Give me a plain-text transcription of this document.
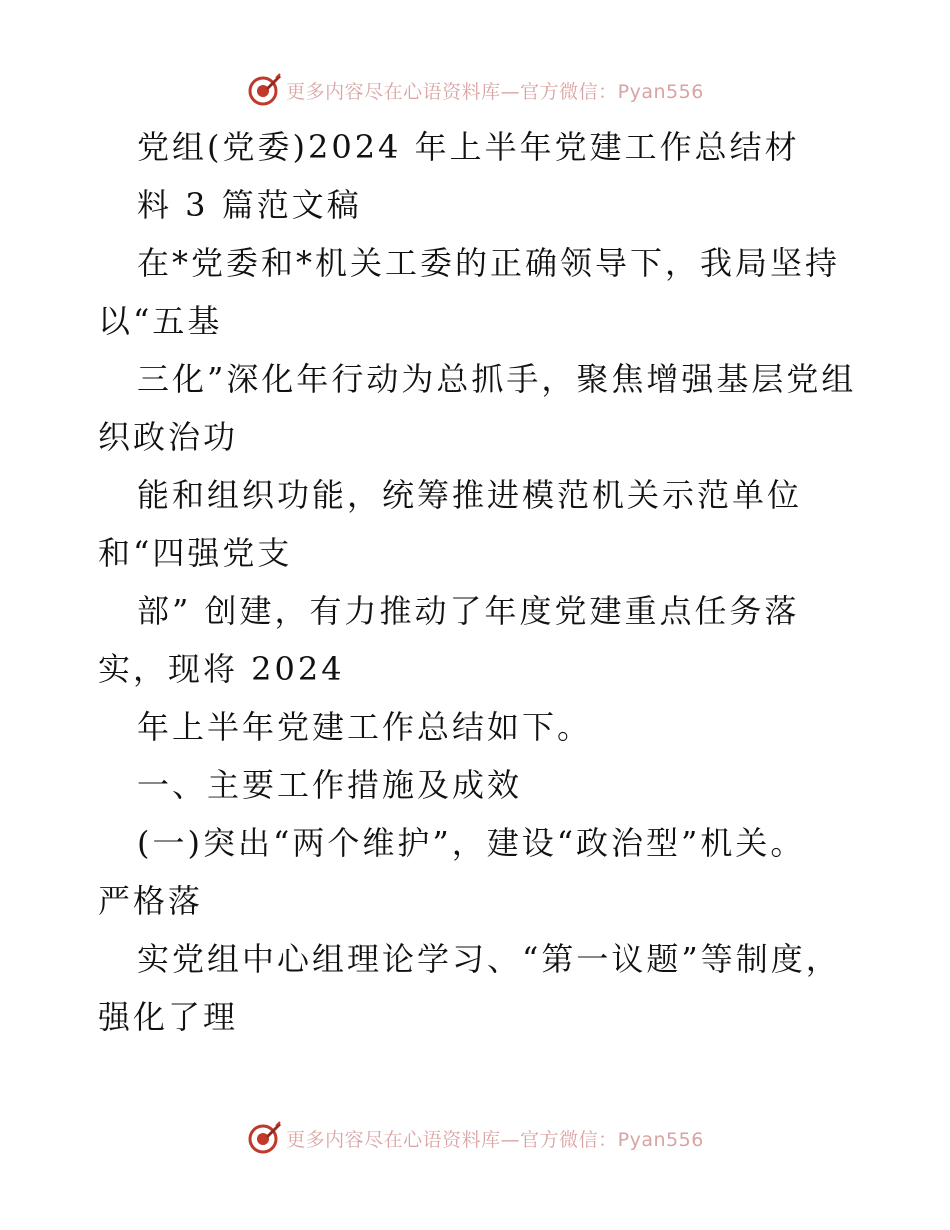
更多内容尽在心语资料库—官方微信：Pyan556
党组(党委)2024 年上半年党建工作总结材
料 3 篇范文稿
在*党委和*机关工委的正确领导下，我局坚持
以“五基
三化”深化年行动为总抓手，聚焦增强基层党组
织政治功
能和组织功能，统筹推进模范机关示范单位
和“四强党支
部” 创建，有力推动了年度党建重点任务落
实，现将 2024
年上半年党建工作总结如下。
一、主要工作措施及成效
(一)突出“两个维护”，建设“政治型”机关。
严格落
实党组中心组理论学习、“第一议题”等制度，
强化了理
更多内容尽在心语资料库—官方微信：Pyan556
